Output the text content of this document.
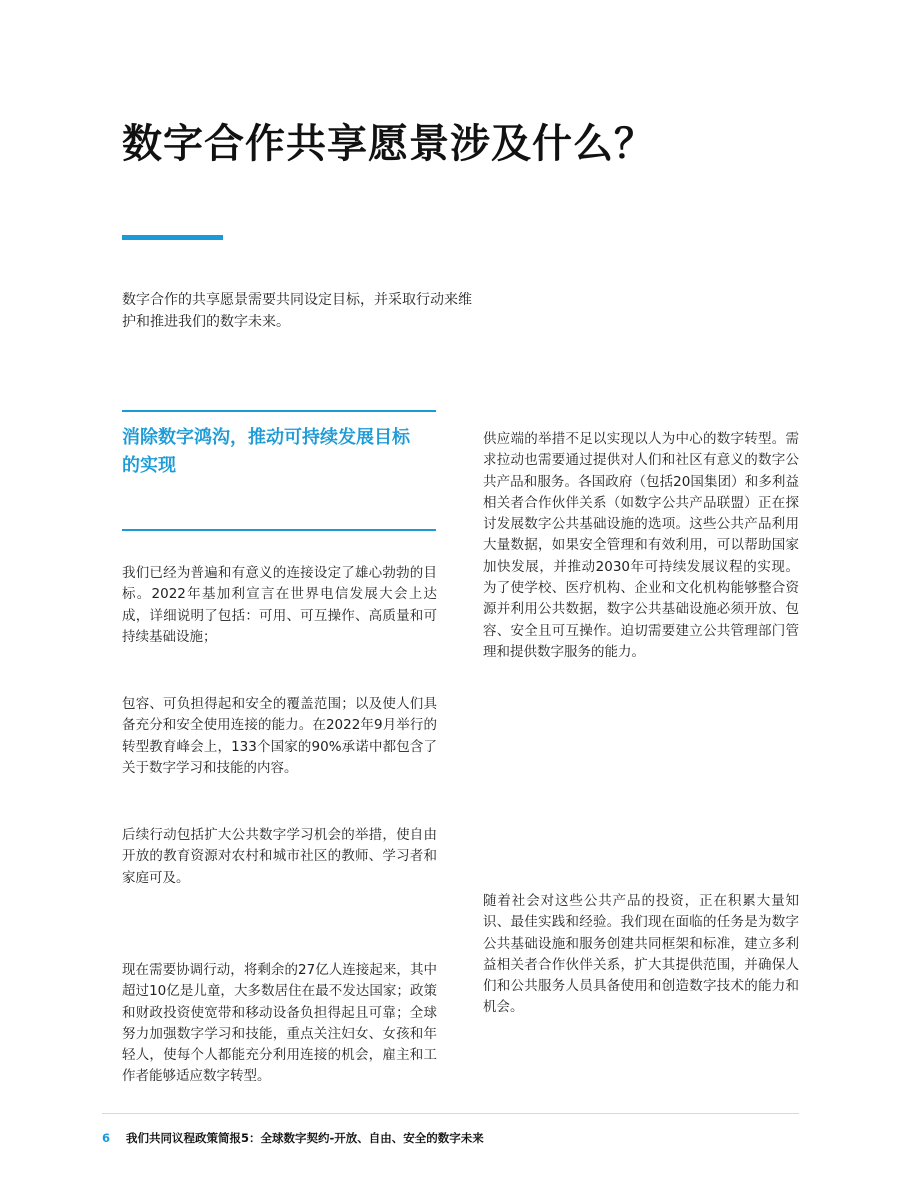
数字合作共享愿景涉及什么？

数字合作的共享愿景需要共同设定目标，并采取行动来维护和推进我们的数字未来。

消除数字鸿沟，推动可持续发展目标的实现

我们已经为普遍和有意义的连接设定了雄心勃勃的目标。2022年基加利宣言在世界电信发展大会上达成，详细说明了包括：可用、可互操作、高质量和可持续基础设施；

包容、可负担得起和安全的覆盖范围；以及使人们具备充分和安全使用连接的能力。在2022年9月举行的转型教育峰会上，133个国家的90%承诺中都包含了关于数字学习和技能的内容。

后续行动包括扩大公共数字学习机会的举措，使自由开放的教育资源对农村和城市社区的教师、学习者和家庭可及。

现在需要协调行动，将剩余的27亿人连接起来，其中超过10亿是儿童，大多数居住在最不发达国家；政策和财政投资使宽带和移动设备负担得起且可靠；全球努力加强数字学习和技能，重点关注妇女、女孩和年轻人，使每个人都能充分利用连接的机会，雇主和工作者能够适应数字转型。

供应端的举措不足以实现以人为中心的数字转型。需求拉动也需要通过提供对人们和社区有意义的数字公共产品和服务。各国政府（包括20国集团）和多利益相关者合作伙伴关系（如数字公共产品联盟）正在探讨发展数字公共基础设施的选项。这些公共产品利用大量数据，如果安全管理和有效利用，可以帮助国家加快发展，并推动2030年可持续发展议程的实现。为了使学校、医疗机构、企业和文化机构能够整合资源并利用公共数据，数字公共基础设施必须开放、包容、安全且可互操作。迫切需要建立公共管理部门管理和提供数字服务的能力。

随着社会对这些公共产品的投资，正在积累大量知识、最佳实践和经验。我们现在面临的任务是为数字公共基础设施和服务创建共同框架和标准，建立多利益相关者合作伙伴关系，扩大其提供范围，并确保人们和公共服务人员具备使用和创造数字技术的能力和机会。

6 我们共同议程政策简报5：全球数字契约-开放、自由、安全的数字未来
